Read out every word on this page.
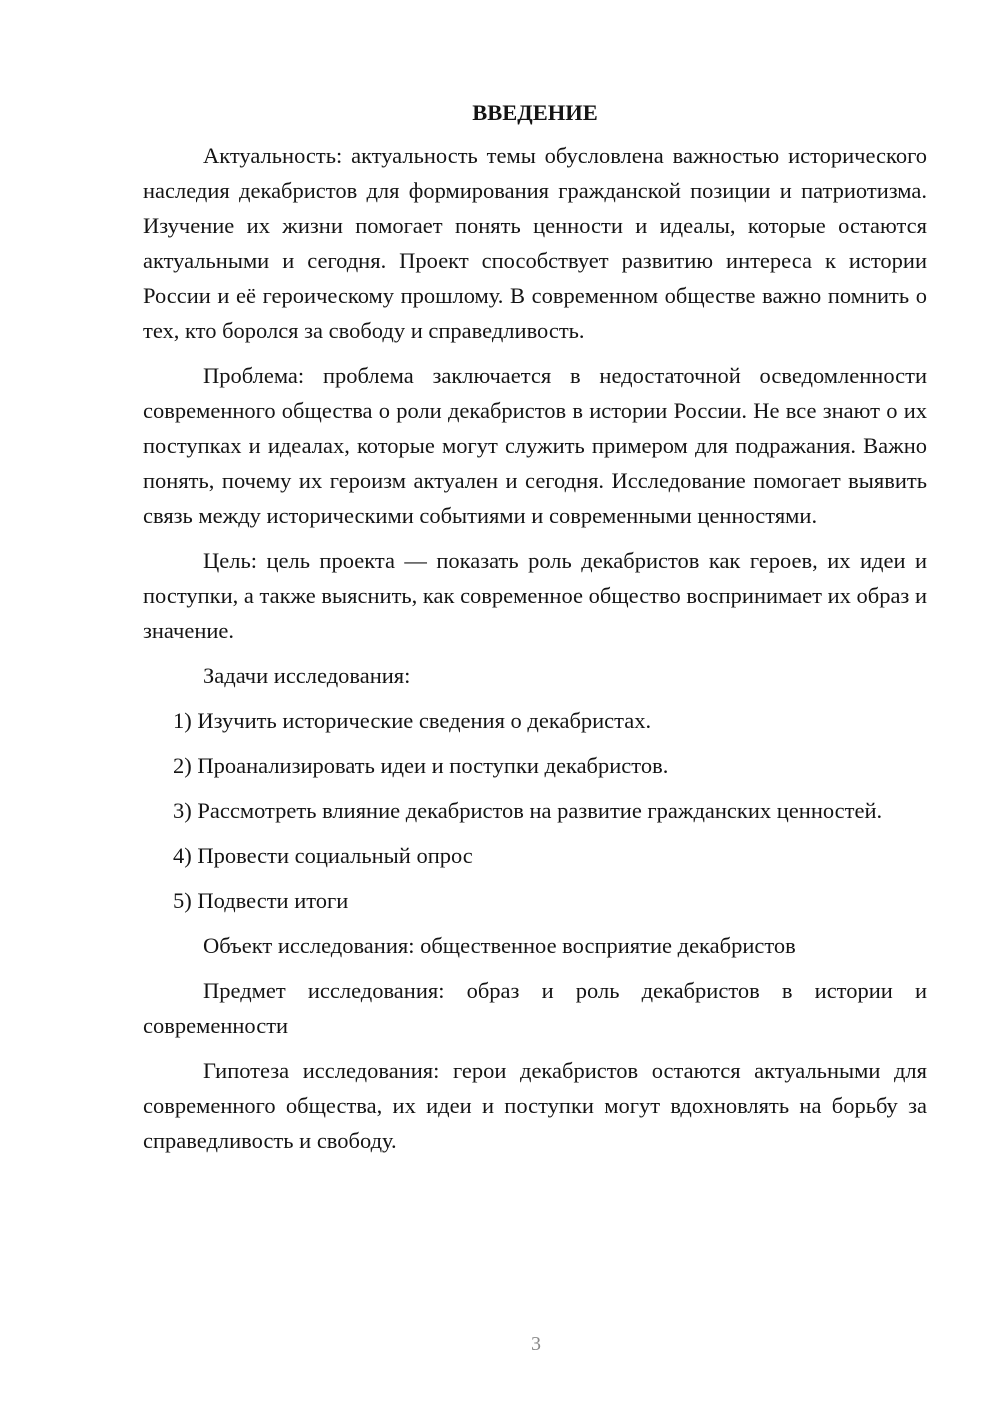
ВВЕДЕНИЕ
Актуальность: актуальность темы обусловлена важностью исторического наследия декабристов для формирования гражданской позиции и патриотизма. Изучение их жизни помогает понять ценности и идеалы, которые остаются актуальными и сегодня. Проект способствует развитию интереса к истории России и её героическому прошлому. В современном обществе важно помнить о тех, кто боролся за свободу и справедливость.
Проблема: проблема заключается в недостаточной осведомленности современного общества о роли декабристов в истории России. Не все знают о их поступках и идеалах, которые могут служить примером для подражания. Важно понять, почему их героизм актуален и сегодня. Исследование помогает выявить связь между историческими событиями и современными ценностями.
Цель: цель проекта — показать роль декабристов как героев, их идеи и поступки, а также выяснить, как современное общество воспринимает их образ и значение.
Задачи исследования:
1) Изучить исторические сведения о декабристах.
2) Проанализировать идеи и поступки декабристов.
3) Рассмотреть влияние декабристов на развитие гражданских ценностей.
4) Провести социальный опрос
5) Подвести итоги
Объект исследования: общественное восприятие декабристов
Предмет исследования: образ и роль декабристов в истории и современности
Гипотеза исследования: герои декабристов остаются актуальными для современного общества, их идеи и поступки могут вдохновлять на борьбу за справедливость и свободу.
3
